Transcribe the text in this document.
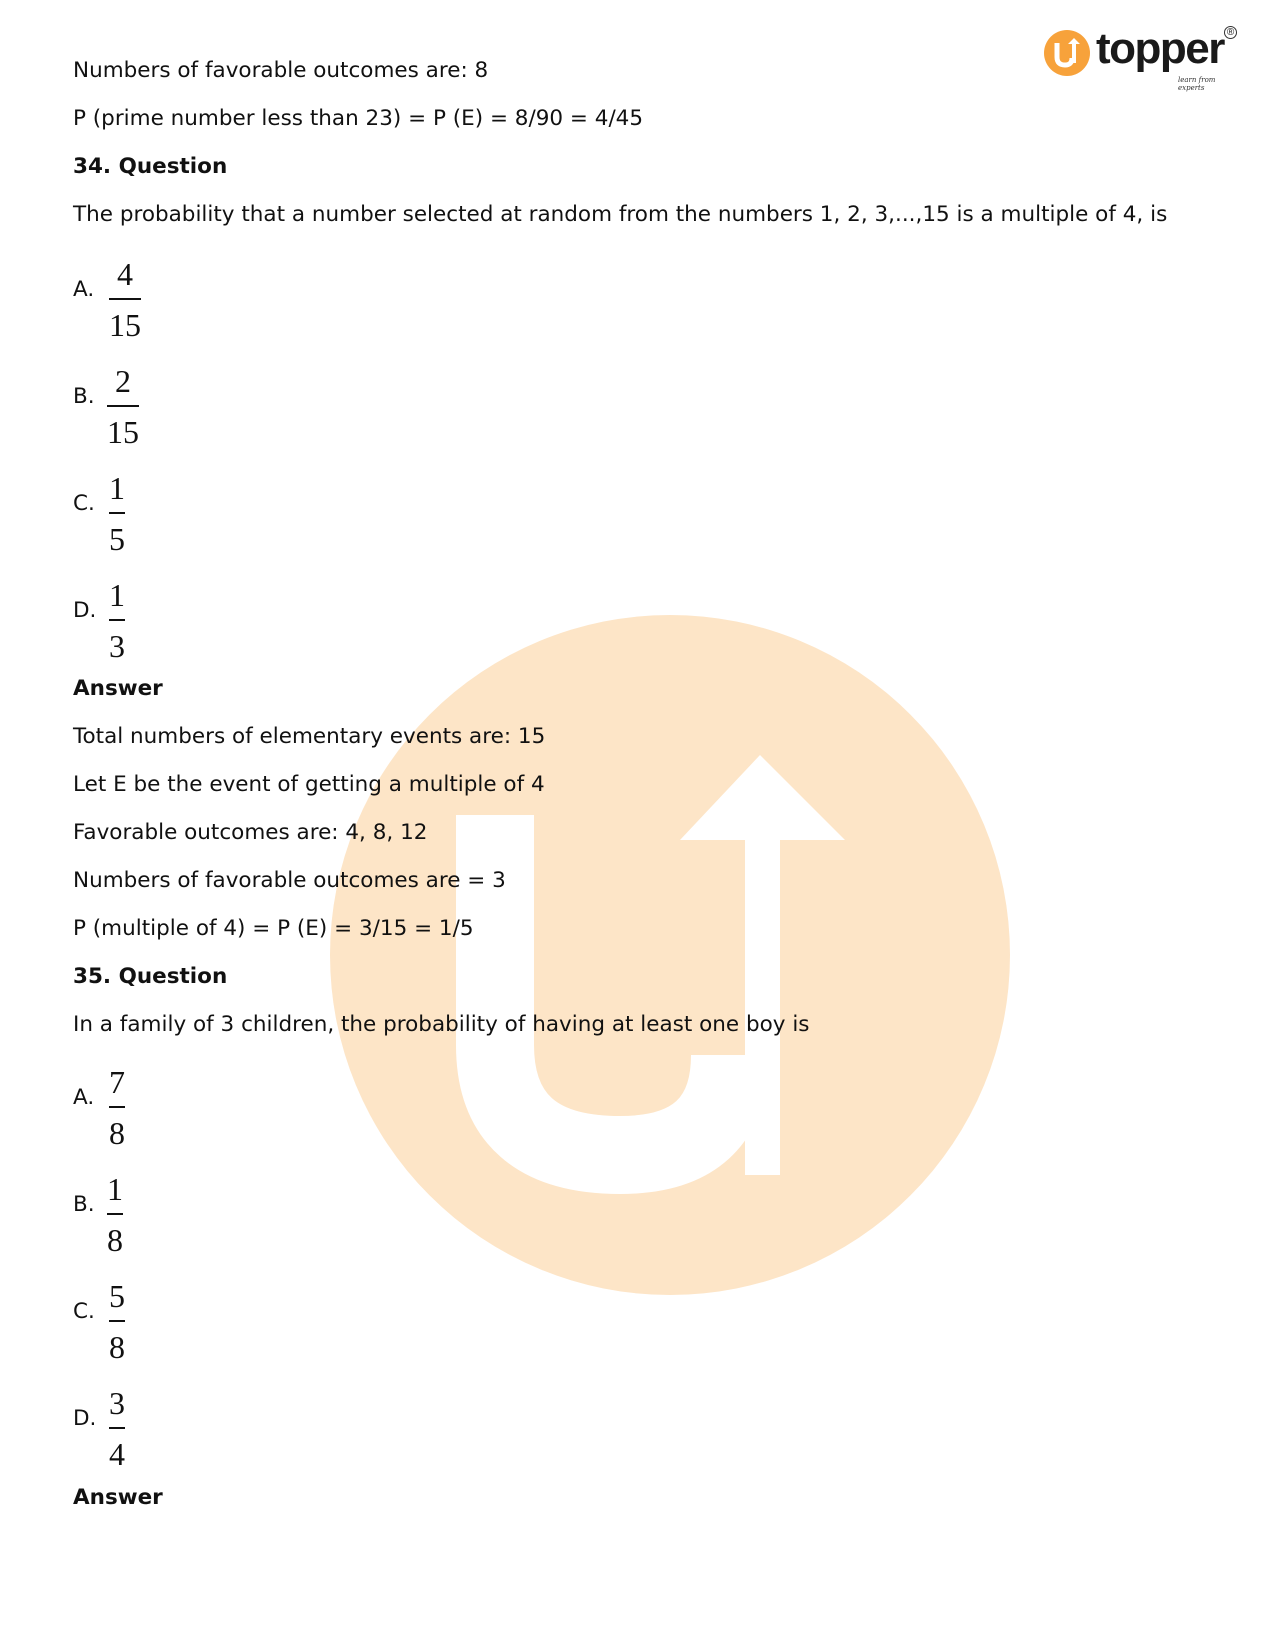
topper ®
learn from experts
Numbers of favorable outcomes are: 8
P (prime number less than 23) = P (E) = 8/90 = 4/45
34. Question
The probability that a number selected at random from the numbers 1, 2, 3,...,15 is a multiple of 4, is
A. 4
15
B. 2
15
C. 1
5
D. 1
3
Answer
Total numbers of elementary events are: 15
Let E be the event of getting a multiple of 4
Favorable outcomes are: 4, 8, 12
Numbers of favorable outcomes are = 3
P (multiple of 4) = P (E) = 3/15 = 1/5
35. Question
In a family of 3 children, the probability of having at least one boy is
A. 7
8
B. 1
8
C. 5
8
D. 3
4
Answer
